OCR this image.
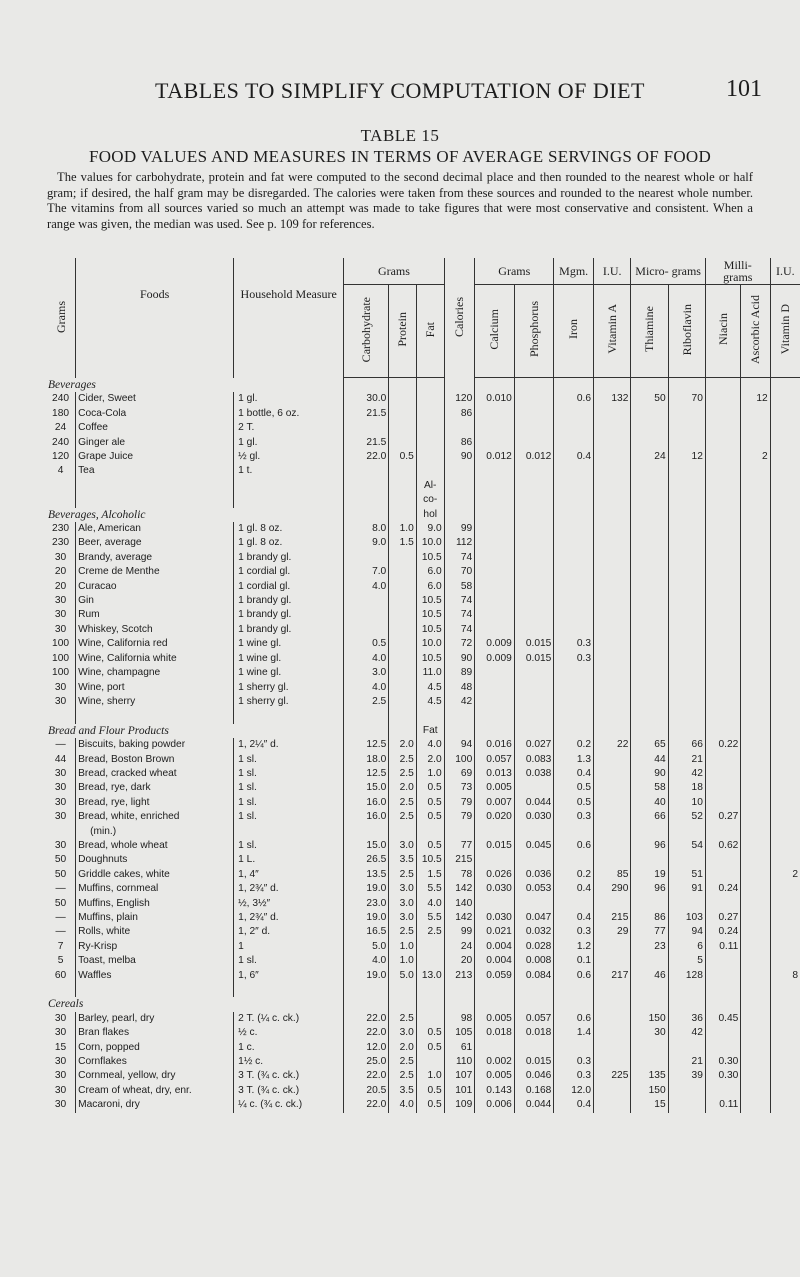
TABLES TO SIMPLIFY COMPUTATION OF DIET	101
TABLE 15
FOOD VALUES AND MEASURES IN TERMS OF AVERAGE SERVINGS OF FOOD
The values for carbohydrate, protein and fat were computed to the second decimal place and then rounded to the nearest whole or half gram; if desired, the half gram may be disregarded. The calories were taken from these sources and rounded to the nearest whole number. The vitamins from all sources varied so much an attempt was made to take figures that were most conservative and consistent. When a range was given, the median was used. See p. 109 for references.
Grams	Foods	Household Measure	Grams			Calories	Grams		Mgm.	I.U.	Micro- grams		Milli- grams		I.U.
			Carbohydrate	Protein	Fat		Calcium	Phosphorus	Iron	Vitamin A	Thiamine	Riboflavin	Niacin	Ascorbic Acid	Vitamin D
Beverages															
240	Cider, Sweet	1 gl.	30.0			120	0.010		0.6	132	50	70		12	
180	Coca-Cola	1 bottle, 6 oz.	21.5			86									
24	Coffee	2 T.													
240	Ginger ale	1 gl.	21.5			86									
120	Grape Juice	½ gl.	22.0	0.5		90	0.012	0.012	0.4		24	12		2	
4	Tea	1 t.													
					Al-										
					co-										
Beverages, Alcoholic					hol										
230	Ale, American	1 gl. 8 oz.	8.0	1.0	9.0	99									
230	Beer, average	1 gl. 8 oz.	9.0	1.5	10.0	112									
30	Brandy, average	1 brandy gl.			10.5	74									
20	Creme de Menthe	1 cordial gl.	7.0		6.0	70									
20	Curacao	1 cordial gl.	4.0		6.0	58									
30	Gin	1 brandy gl.			10.5	74									
30	Rum	1 brandy gl.			10.5	74									
30	Whiskey, Scotch	1 brandy gl.			10.5	74									
100	Wine, California red	1 wine gl.	0.5		10.0	72	0.009	0.015	0.3						
100	Wine, California white	1 wine gl.	4.0		10.5	90	0.009	0.015	0.3						
100	Wine, champagne	1 wine gl.	3.0		11.0	89									
30	Wine, port	1 sherry gl.	4.0		4.5	48									
30	Wine, sherry	1 sherry gl.	2.5		4.5	42									

Bread and Flour Products					Fat										
—	Biscuits, baking powder	1, 2¼″ d.	12.5	2.0	4.0	94	0.016	0.027	0.2	22	65	66	0.22		
44	Bread, Boston Brown	1 sl.	18.0	2.5	2.0	100	0.057	0.083	1.3		44	21			
30	Bread, cracked wheat	1 sl.	12.5	2.5	1.0	69	0.013	0.038	0.4		90	42			
30	Bread, rye, dark	1 sl.	15.0	2.0	0.5	73	0.005		0.5		58	18			
30	Bread, rye, light	1 sl.	16.0	2.5	0.5	79	0.007	0.044	0.5		40	10			
30	Bread, white, enriched	1 sl.	16.0	2.5	0.5	79	0.020	0.030	0.3		66	52	0.27		
	(min.)														
30	Bread, whole wheat	1 sl.	15.0	3.0	0.5	77	0.015	0.045	0.6		96	54	0.62		
50	Doughnuts	1 L.	26.5	3.5	10.5	215									
50	Griddle cakes, white	1, 4″	13.5	2.5	1.5	78	0.026	0.036	0.2	85	19	51			2
—	Muffins, cornmeal	1, 2¾″ d.	19.0	3.0	5.5	142	0.030	0.053	0.4	290	96	91	0.24		
50	Muffins, English	½, 3½″	23.0	3.0	4.0	140									
—	Muffins, plain	1, 2¾″ d.	19.0	3.0	5.5	142	0.030	0.047	0.4	215	86	103	0.27		
—	Rolls, white	1, 2″ d.	16.5	2.5	2.5	99	0.021	0.032	0.3	29	77	94	0.24		
7	Ry-Krisp	1	5.0	1.0		24	0.004	0.028	1.2		23	6	0.11		
5	Toast, melba	1 sl.	4.0	1.0		20	0.004	0.008	0.1			5			
60	Waffles	1, 6″	19.0	5.0	13.0	213	0.059	0.084	0.6	217	46	128			8

Cereals															
30	Barley, pearl, dry	2 T. (¼ c. ck.)	22.0	2.5		98	0.005	0.057	0.6		150	36	0.45		
30	Bran flakes	½ c.	22.0	3.0	0.5	105	0.018	0.018	1.4		30	42			
15	Corn, popped	1 c.	12.0	2.0	0.5	61									
30	Cornflakes	1½ c.	25.0	2.5		110	0.002	0.015	0.3			21	0.30		
30	Cornmeal, yellow, dry	3 T. (¾ c. ck.)	22.0	2.5	1.0	107	0.005	0.046	0.3	225	135	39	0.30		
30	Cream of wheat, dry, enr.	3 T. (¾ c. ck.)	20.5	3.5	0.5	101	0.143	0.168	12.0		150				
30	Macaroni, dry	¼ c. (¾ c. ck.)	22.0	4.0	0.5	109	0.006	0.044	0.4		15		0.11		
